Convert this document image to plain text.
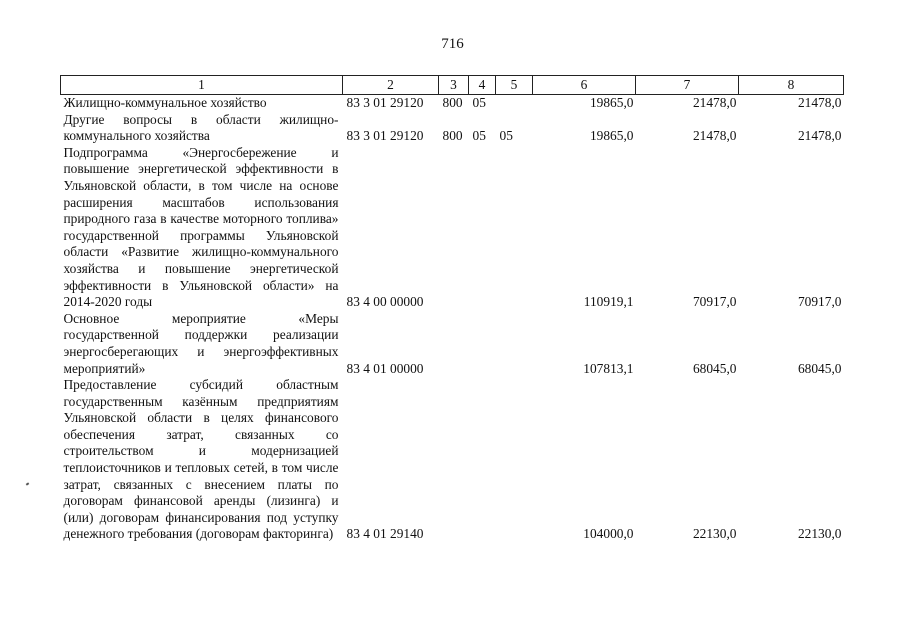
716
1	2	3	4	5	6	7	8
Жилищно-коммунальное хозяйство	83 3 01 29120	800	05		19865,0	21478,0	21478,0
Другие вопросы в области жилищно-коммунального хозяйства	83 3 01 29120	800	05	05	19865,0	21478,0	21478,0
Подпрограмма «Энергосбережение и повышение энергетической эффективности в Ульяновской области, в том числе на основе расширения масштабов использования природного газа в качестве моторного топлива» государственной программы Ульяновской области «Развитие жилищно-коммунального хозяйства и повышение энергетической эффективности в Ульяновской области» на 2014-2020 годы	83 4 00 00000				110919,1	70917,0	70917,0
Основное мероприятие «Меры государственной поддержки реализации энергосберегающих и энергоэффективных мероприятий»	83 4 01 00000				107813,1	68045,0	68045,0
Предоставление субсидий областным государственным казённым предприятиям Ульяновской области в целях финансового обеспечения затрат, связанных со строительством и модернизацией теплоисточников и тепловых сетей, в том числе затрат, связанных с внесением платы по договорам финансовой аренды (лизинга) и (или) договорам финансирования под уступку денежного требования (договорам факторинга)	83 4 01 29140				104000,0	22130,0	22130,0
